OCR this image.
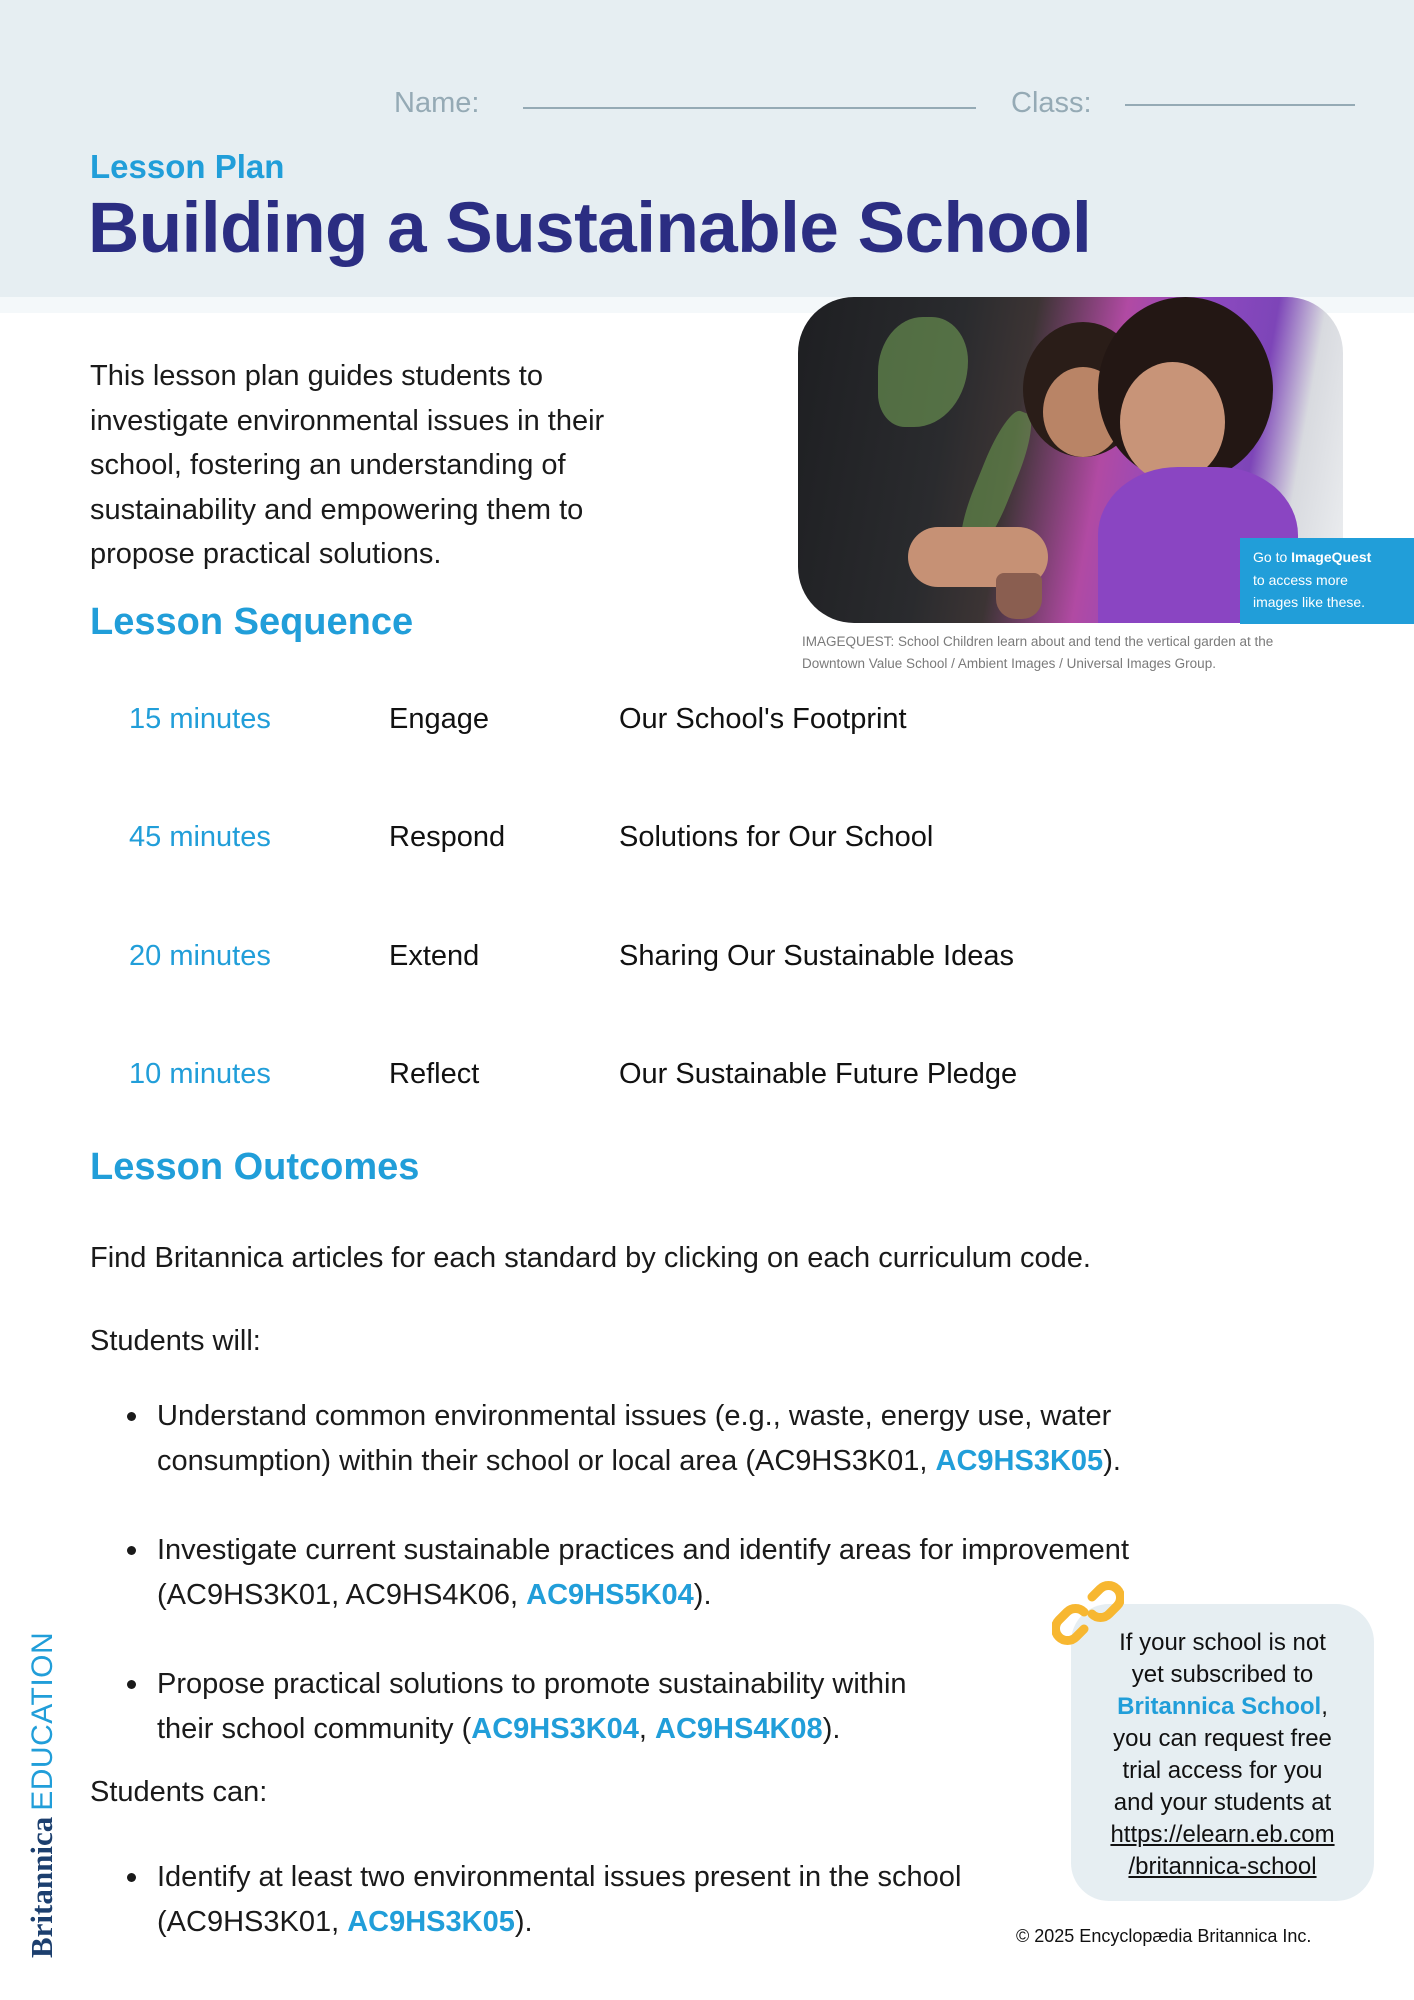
Name:	Class:
Lesson Plan
Building a Sustainable School
This lesson plan guides students to
investigate environmental issues in their
school, fostering an understanding of
sustainability and empowering them to
propose practical solutions.	Go to ImageQuest
to access more
images like these.
IMAGEQUEST: School Children learn about and tend the vertical garden at the
Downtown Value School / Ambient Images / Universal Images Group.
Lesson Sequence
15 minutes	Engage	Our School's Footprint
45 minutes	Respond	Solutions for Our School
20 minutes	Extend	Sharing Our Sustainable Ideas
10 minutes	Reflect	Our Sustainable Future Pledge
Lesson Outcomes

Find Britannica articles for each standard by clicking on each curriculum code.

Students will:

Understand common environmental issues (e.g., waste, energy use, water
consumption) within their school or local area (AC9HS3K01, AC9HS3K05).
Investigate current sustainable practices and identify areas for improvement
(AC9HS3K01, AC9HS4K06, AC9HS5K04).
Propose practical solutions to promote sustainability within
their school community (AC9HS3K04, AC9HS4K08).

Students can:

Identify at least two environmental issues present in the school
(AC9HS3K01, AC9HS3K05).
If your school is not
yet subscribed to
Britannica School,
you can request free
trial access for you
and your students at
https://elearn.eb.com
/britannica-school
© 2025 Encyclopædia Britannica Inc.
BritannicaEDUCATION
